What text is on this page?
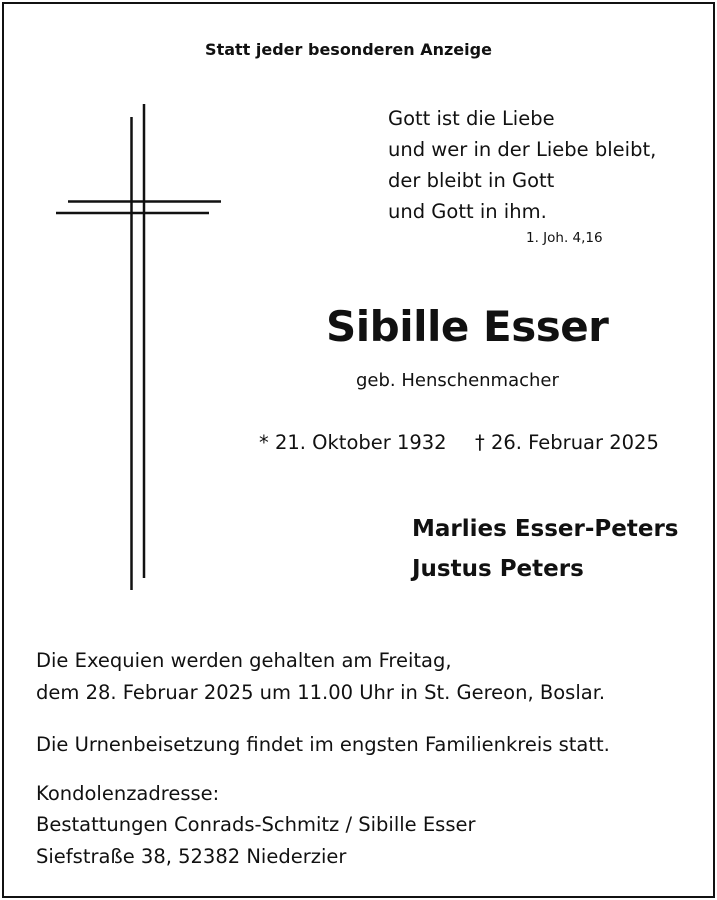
Statt jeder besonderen Anzeige
Gott ist die Liebe
und wer in der Liebe bleibt,
der bleibt in Gott
und Gott in ihm.
1. Joh. 4,16
Sibille Esser
geb. Henschenmacher
* 21. Oktober 1932 † 26. Februar 2025
Marlies Esser-Peters
Justus Peters
Die Exequien werden gehalten am Freitag,
dem 28. Februar 2025 um 11.00 Uhr in St. Gereon, Boslar.
Die Urnenbeisetzung findet im engsten Familienkreis statt.
Kondolenzadresse:
Bestattungen Conrads-Schmitz / Sibille Esser
Siefstraße 38, 52382 Niederzier
